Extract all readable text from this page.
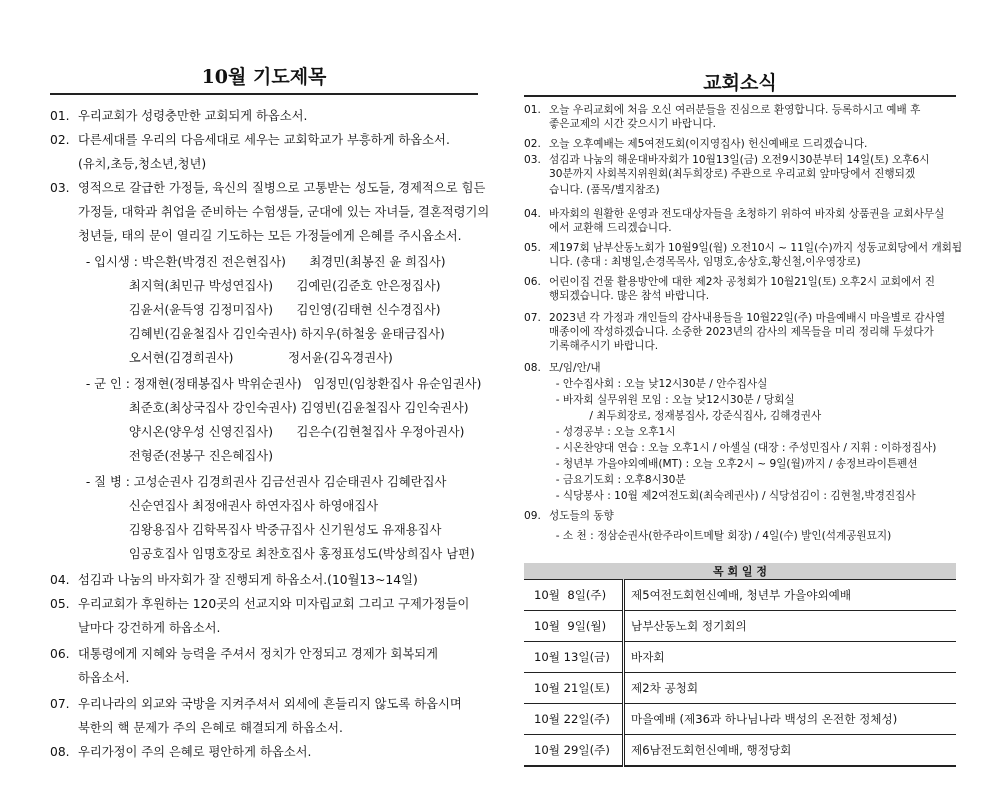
10월 기도제목
01. 우리교회가 성령충만한 교회되게 하옵소서.
02. 다른세대를 우리의 다음세대로 세우는 교회학교가 부흥하게 하옵소서.
(유치,초등,청소년,청년)
03. 영적으로 갈급한 가정들, 육신의 질병으로 고통받는 성도들, 경제적으로 힘든
가정들, 대학과 취업을 준비하는 수험생들, 군대에 있는 자녀들, 결혼적령기의
청년들, 태의 문이 열리길 기도하는 모든 가정들에게 은혜를 주시옵소서.
- 입시생 : 박은환(박경진 전은현집사)      최경민(최봉진 윤 희집사)
최지혁(최민규 박성연집사)      김예린(김준호 안은정집사)
김윤서(윤득영 김정미집사)      김인영(김태현 신수경집사)
김혜빈(김윤철집사 김인숙권사) 하지우(하철웅 윤태금집사)
오서현(김경희권사)              정서윤(김옥경권사)
- 군 인 : 정재현(정태봉집사 박위순권사)   임정민(임창환집사 유순임권사)
최준호(최상국집사 강인숙권사) 김영빈(김윤철집사 김인숙권사)
양시온(양우성 신영진집사)      김은수(김현철집사 우정아권사)
전형준(전봉구 진은혜집사)
- 질 병 : 고성순권사 김경희권사 김금선권사 김순태권사 김혜란집사
신순연집사 최정애권사 하연자집사 하영애집사
김왕용집사 김학목집사 박중규집사 신기원성도 유재용집사
임공호집사 임명호장로 최찬호집사 홍정표성도(박상희집사 남편)
04. 섬김과 나눔의 바자회가 잘 진행되게 하옵소서.(10월13~14일)
05. 우리교회가 후원하는 120곳의 선교지와 미자립교회 그리고 구제가정들이
날마다 강건하게 하옵소서.
06. 대통령에게 지혜와 능력을 주셔서 정치가 안정되고 경제가 회복되게
하옵소서.
07. 우리나라의 외교와 국방을 지켜주셔서 외세에 흔들리지 않도록 하옵시며
북한의 핵 문제가 주의 은혜로 해결되게 하옵소서.
08. 우리가정이 주의 은혜로 평안하게 하옵소서.
교회소식
01. 오늘 우리교회에 처음 오신 여러분들을 진심으로 환영합니다. 등록하시고 예배 후
좋은교제의 시간 갖으시기 바랍니다.
02. 오늘 오후예배는 제5여전도회(이지영집사) 헌신예배로 드리겠습니다.
03. 섬김과 나눔의 해운대바자회가 10월13일(금) 오전9시30분부터 14일(토) 오후6시
30분까지 사회복지위원회(최두희장로) 주관으로 우리교회 앞마당에서 진행되겠
습니다. (품목/별지참조)
04. 바자회의 원활한 운영과 전도대상자들을 초청하기 위하여 바자회 상품권을 교회사무실
에서 교환해 드리겠습니다.
05. 제197회 남부산동노회가 10월9일(월) 오전10시 ~ 11일(수)까지 성동교회당에서 개회됩
니다. (총대 : 최병일,손경목목사, 임명호,송상호,황신철,이우영장로)
06. 어린이집 건물 활용방안에 대한 제2차 공청회가 10월21일(토) 오후2시 교회에서 진
행되겠습니다. 많은 참석 바랍니다.
07. 2023년 각 가정과 개인들의 감사내용들을 10월22일(주) 마을예배시 마을별로 감사열
매종이에 작성하겠습니다. 소중한 2023년의 감사의 제목들을 미리 정리해 두셨다가
기록해주시기 바랍니다.
08. 모/임/안/내
- 안수집사회 : 오늘 낮12시30분 / 안수집사실
- 바자회 실무위원 모임 : 오늘 낮12시30분 / 당회실
/ 최두희장로, 정재봉집사, 강준식집사, 김해경권사
- 성경공부 : 오늘 오후1시
- 시온찬양대 연습 : 오늘 오후1시 / 아셀실 (대장 : 주성민집사 / 지휘 : 이하정집사)
- 청년부 가을야외예배(MT) : 오늘 오후2시 ~ 9일(월)까지 / 송정브라이튼펜션
- 금요기도회 : 오후8시30분
- 식당봉사 : 10월 제2여전도회(최숙례권사) / 식당섬김이 : 김현철,박경진집사
09. 성도들의 동향
- 소 천 : 정삼순권사(한주라이트메탈 회장) / 4일(수) 발인(석계공원묘지)
목 회 일 정	
10월  8일(주)	제5여전도회헌신예배, 청년부 가을야외예배
10월  9일(월)	남부산동노회 정기회의
10월 13일(금)	바자회
10월 21일(토)	제2차 공청회
10월 22일(주)	마을예배 (제36과 하나님나라 백성의 온전한 정체성)
10월 29일(주)	제6남전도회헌신예배, 행정당회
